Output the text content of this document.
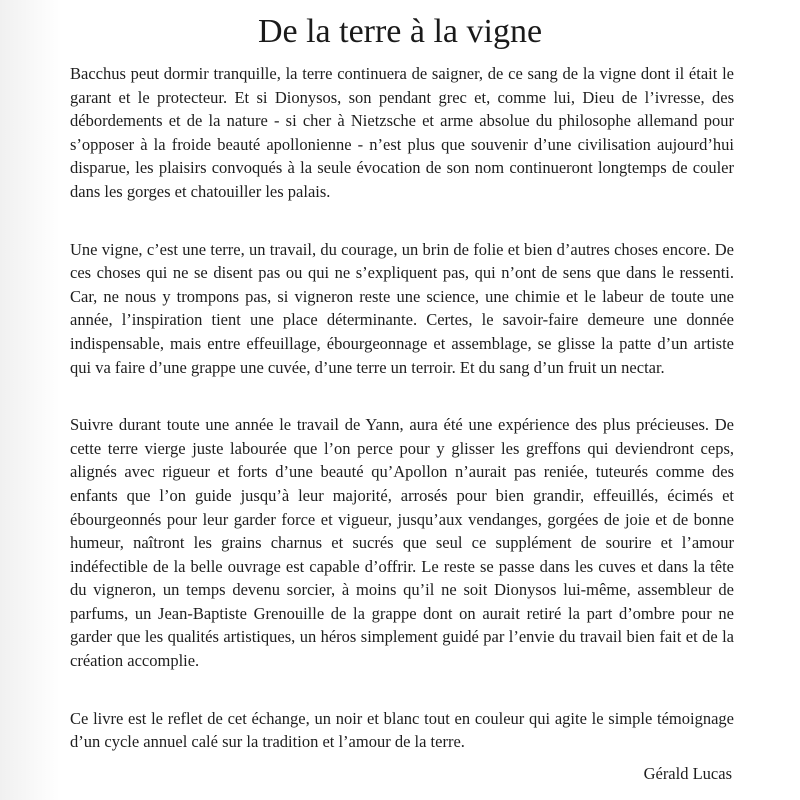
De la terre à la vigne

Bacchus peut dormir tranquille, la terre continuera de saigner, de ce sang de la vigne dont il était le garant et le protecteur. Et si Dionysos, son pendant grec et, comme lui, Dieu de l’ivresse, des débordements et de la nature - si cher à Nietzsche et arme absolue du philosophe allemand pour s’opposer à la froide beauté apollonienne - n’est plus que souvenir d’une civilisation aujourd’hui disparue, les plaisirs convoqués à la seule évocation de son nom continueront longtemps de couler dans les gorges et chatouiller les palais.

Une vigne, c’est une terre, un travail, du courage, un brin de folie et bien d’autres choses encore. De ces choses qui ne se disent pas ou qui ne s’expliquent pas, qui n’ont de sens que dans le ressenti. Car, ne nous y trompons pas, si vigneron reste une science, une chimie et le labeur de toute une année, l’inspiration tient une place déterminante. Certes, le savoir-faire demeure une donnée indispensable, mais entre effeuillage, ébourgeonnage et assemblage, se glisse la patte d’un artiste qui va faire d’une grappe une cuvée, d’une terre un terroir. Et du sang d’un fruit un nectar.

Suivre durant toute une année le travail de Yann, aura été une expérience des plus précieuses. De cette terre vierge juste labourée que l’on perce pour y glisser les greffons qui deviendront ceps, alignés avec rigueur et forts d’une beauté qu’Apollon n’aurait pas reniée, tuteurés comme des enfants que l’on guide jusqu’à leur majorité, arrosés pour bien grandir, effeuillés, écimés et ébourgeonnés pour leur garder force et vigueur, jusqu’aux vendanges, gorgées de joie et de bonne humeur, naîtront les grains charnus et sucrés que seul ce supplément de sourire et l’amour indéfectible de la belle ouvrage est capable d’offrir. Le reste se passe dans les cuves et dans la tête du vigneron, un temps devenu sorcier, à moins qu’il ne soit Dionysos lui-même, assembleur de parfums, un Jean-Baptiste Grenouille de la grappe dont on aurait retiré la part d’ombre pour ne garder que les qualités artistiques, un héros simplement guidé par l’envie du travail bien fait et de la création accomplie.

Ce livre est le reflet de cet échange, un noir et blanc tout en couleur qui agite le simple témoignage d’un cycle annuel calé sur la tradition et l’amour de la terre.

Gérald Lucas
